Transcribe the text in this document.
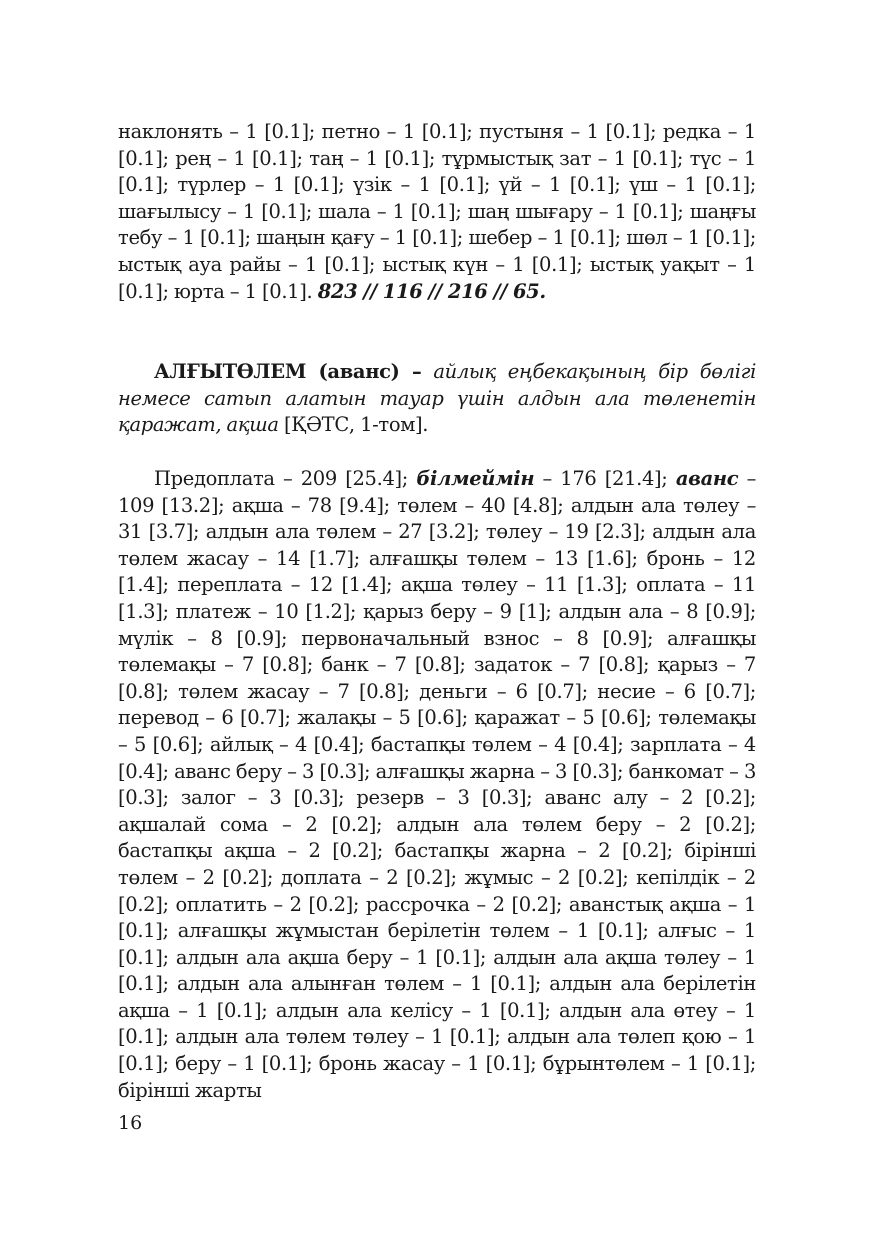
наклонять – 1 [0.1]; петно – 1 [0.1]; пустыня – 1 [0.1]; редка – 1 [0.1]; рең – 1 [0.1]; таң – 1 [0.1]; тұрмыстық зат – 1 [0.1]; түс – 1 [0.1]; түрлер – 1 [0.1]; үзік – 1 [0.1]; үй – 1 [0.1]; үш – 1 [0.1]; шағылысу – 1 [0.1]; шала – 1 [0.1]; шаң шығару – 1 [0.1]; шаңғы тебу – 1 [0.1]; шаңын қағу – 1 [0.1]; шебер – 1 [0.1]; шөл – 1 [0.1]; ыстық ауа райы – 1 [0.1]; ыстық күн – 1 [0.1]; ыстық уақыт – 1 [0.1]; юрта – 1 [0.1]. 823 // 116 // 216 // 65.

АЛҒЫТӨЛЕМ (аванс) – айлық еңбекақының бір бөлігі немесе сатып алатын тауар үшін алдын ала төленетін қаражат, ақша [ҚӘТС, 1-том].

Предоплата – 209 [25.4]; білмеймін – 176 [21.4]; аванс – 109 [13.2]; ақша – 78 [9.4]; төлем – 40 [4.8]; алдын ала төлеу – 31 [3.7]; алдын ала төлем – 27 [3.2]; төлеу – 19 [2.3]; алдын ала төлем жасау – 14 [1.7]; алғашқы төлем – 13 [1.6]; бронь – 12 [1.4]; переплата – 12 [1.4]; ақша төлеу – 11 [1.3]; оплата – 11 [1.3]; платеж – 10 [1.2]; қарыз беру – 9 [1]; алдын ала – 8 [0.9]; мүлік – 8 [0.9]; первоначальный взнос – 8 [0.9]; алғашқы төлемақы – 7 [0.8]; банк – 7 [0.8]; задаток – 7 [0.8]; қарыз – 7 [0.8]; төлем жасау – 7 [0.8]; деньги – 6 [0.7]; несие – 6 [0.7]; перевод – 6 [0.7]; жалақы – 5 [0.6]; қаражат – 5 [0.6]; төлемақы – 5 [0.6]; айлық – 4 [0.4]; бастапқы төлем – 4 [0.4]; зарплата – 4 [0.4]; аванс беру – 3 [0.3]; алғашқы жарна – 3 [0.3]; банкомат – 3 [0.3]; залог – 3 [0.3]; резерв – 3 [0.3]; аванс алу – 2 [0.2]; ақшалай сома – 2 [0.2]; алдын ала төлем беру – 2 [0.2]; бастапқы ақша – 2 [0.2]; бастапқы жарна – 2 [0.2]; бірінші төлем – 2 [0.2]; доплата – 2 [0.2]; жұмыс – 2 [0.2]; кепілдік – 2 [0.2]; оплатить – 2 [0.2]; рассрочка – 2 [0.2]; аванстық ақша – 1 [0.1]; алғашқы жұмыстан берілетін төлем – 1 [0.1]; алғыс – 1 [0.1]; алдын ала ақша беру – 1 [0.1]; алдын ала ақша төлеу – 1 [0.1]; алдын ала алынған төлем – 1 [0.1]; алдын ала берілетін ақша – 1 [0.1]; алдын ала келісу – 1 [0.1]; алдын ала өтеу – 1 [0.1]; алдын ала төлем төлеу – 1 [0.1]; алдын ала төлеп қою – 1 [0.1]; беру – 1 [0.1]; бронь жасау – 1 [0.1]; бұрынтөлем – 1 [0.1]; бірінші жарты

16
